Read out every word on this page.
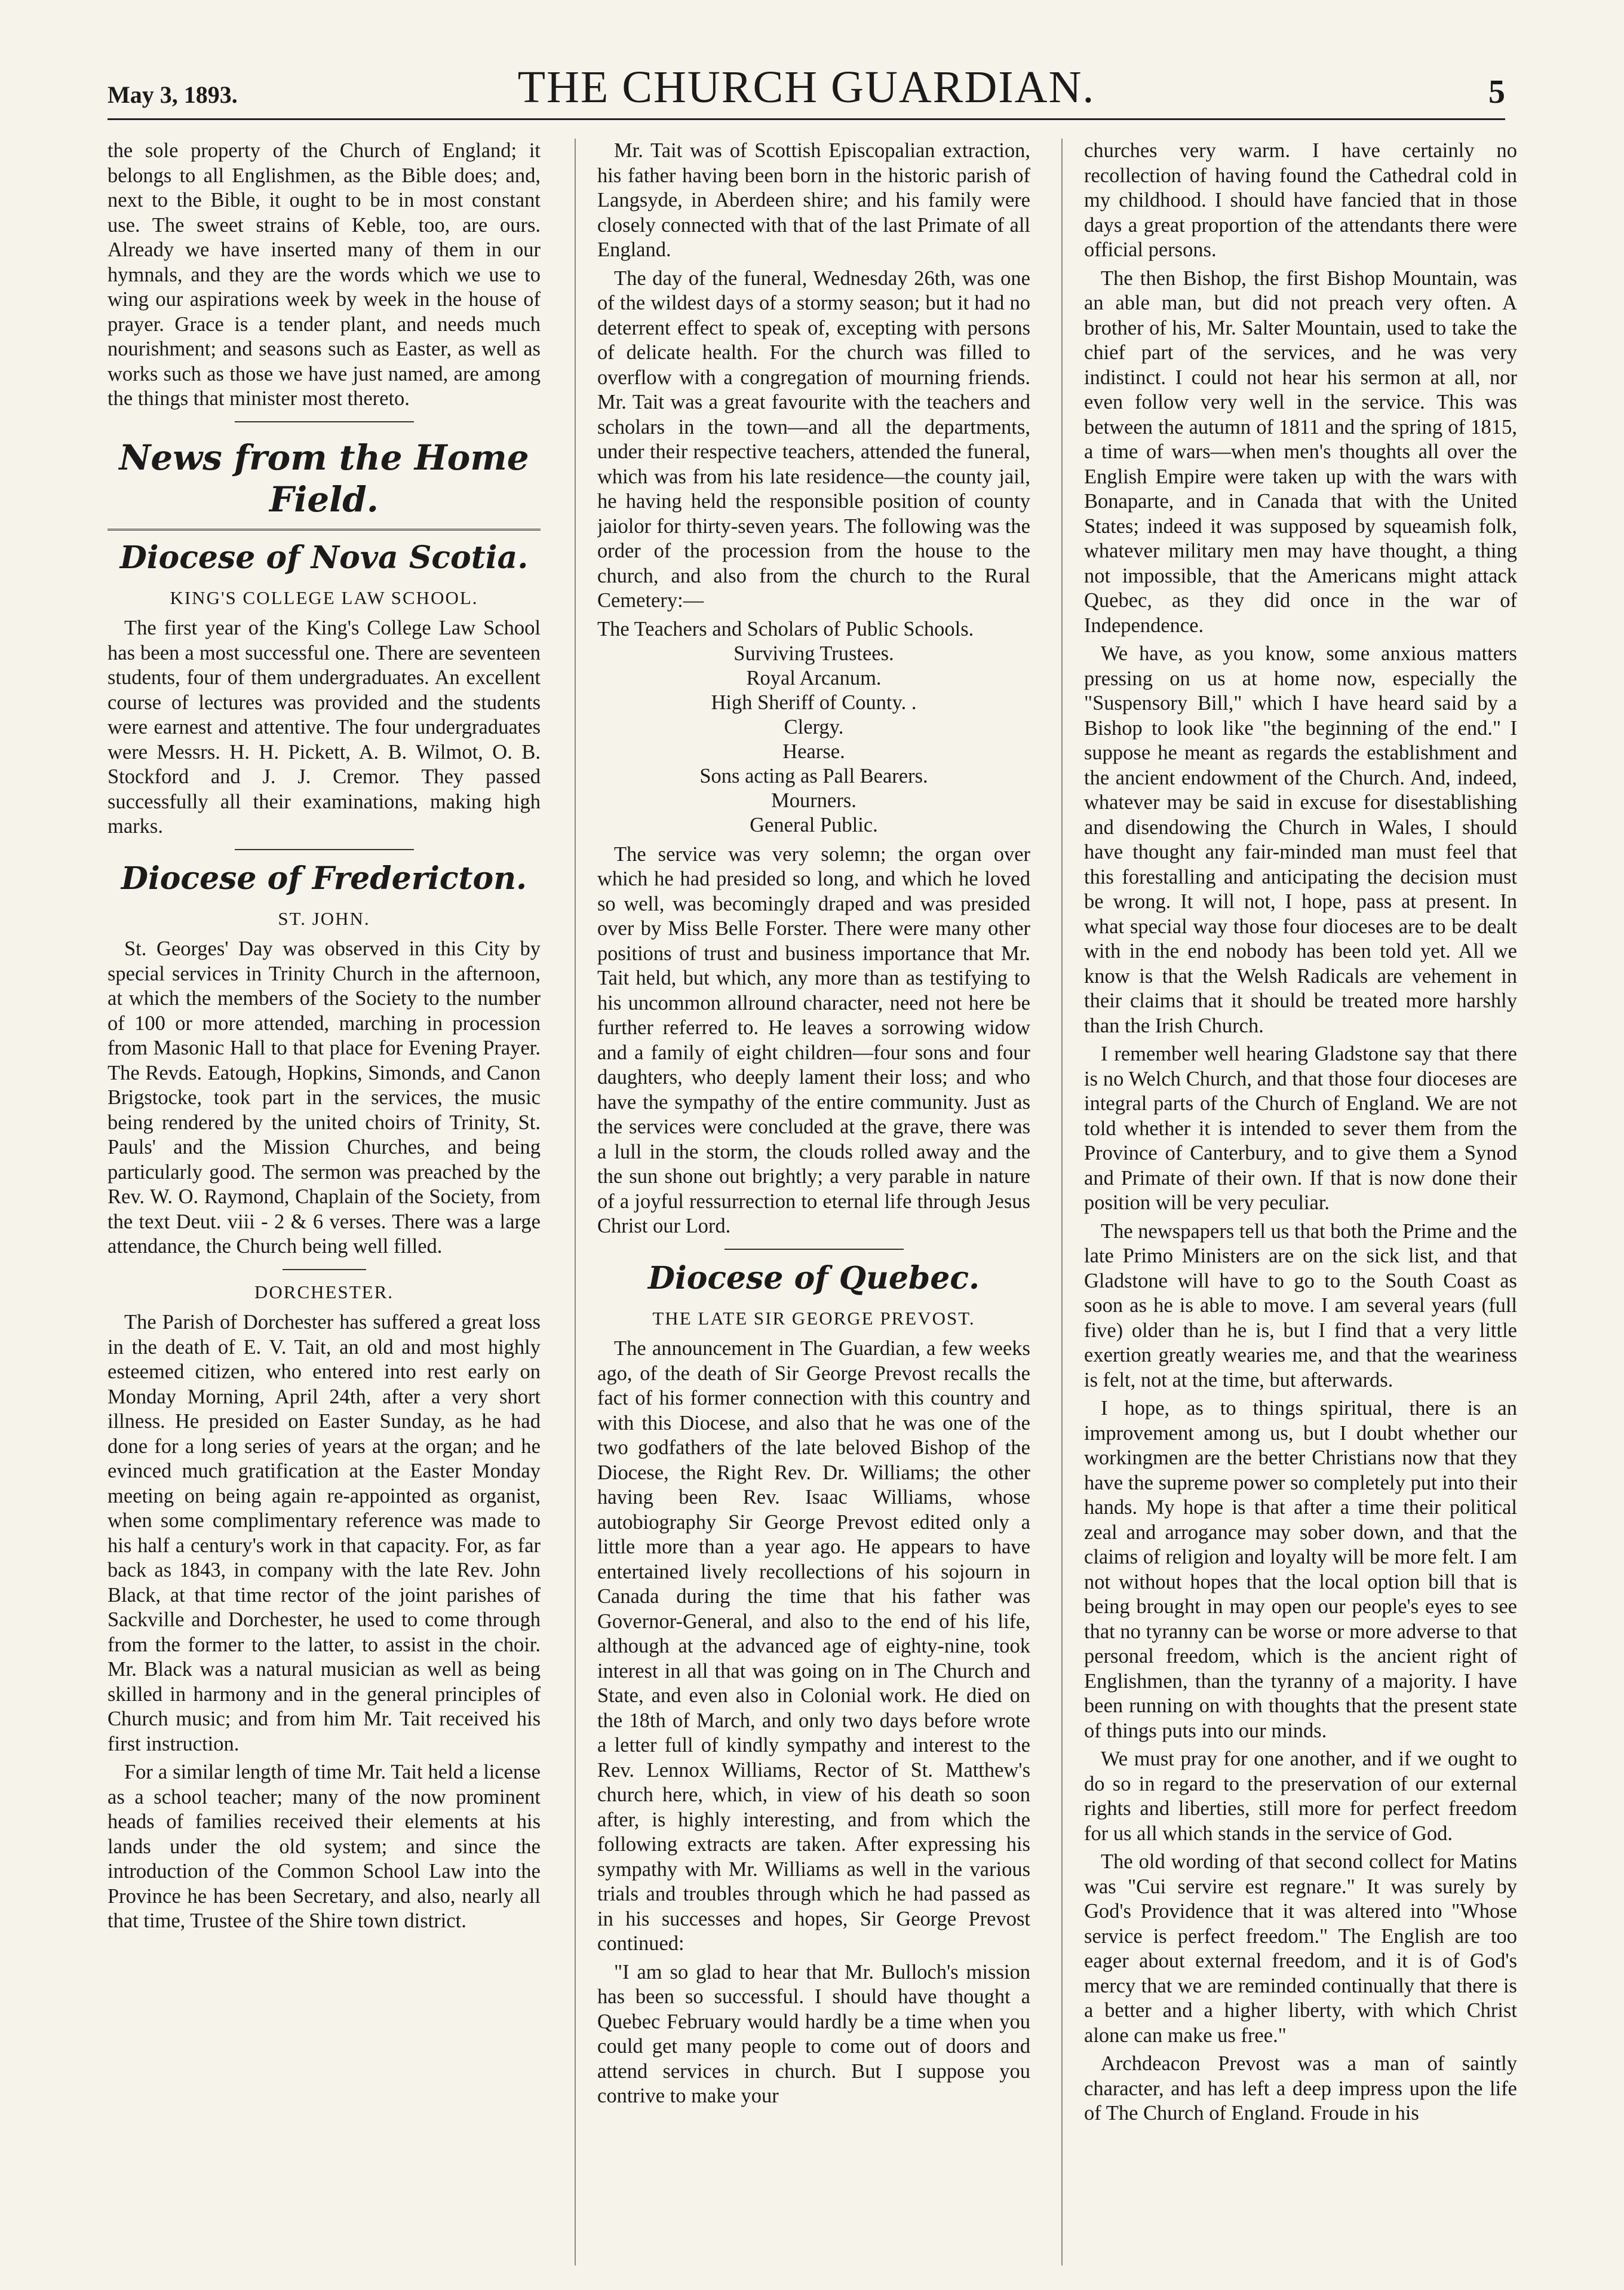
May 3, 1893.	THE CHURCH GUARDIAN.	5

the sole property of the Church of England; it belongs to all Englishmen, as the Bible does; and, next to the Bible, it ought to be in most constant use. The sweet strains of Keble, too, are ours. Already we have inserted many of them in our hymnals, and they are the words which we use to wing our aspirations week by week in the house of prayer. Grace is a tender plant, and needs much nourishment; and seasons such as Easter, as well as works such as those we have just named, are among the things that minister most thereto.

News from the Home Field.
Diocese of Nova Scotia.
KING'S COLLEGE LAW SCHOOL.

The first year of the King's College Law School has been a most successful one. There are seventeen students, four of them undergraduates. An excellent course of lectures was provided and the students were earnest and attentive. The four undergraduates were Messrs. H. H. Pickett, A. B. Wilmot, O. B. Stockford and J. J. Cremor. They passed successfully all their examinations, making high marks.

Diocese of Fredericton.
ST. JOHN.

St. Georges' Day was observed in this City by special services in Trinity Church in the afternoon, at which the members of the Society to the number of 100 or more attended, marching in procession from Masonic Hall to that place for Evening Prayer. The Revds. Eatough, Hopkins, Simonds, and Canon Brigstocke, took part in the services, the music being rendered by the united choirs of Trinity, St. Pauls' and the Mission Churches, and being particularly good. The sermon was preached by the Rev. W. O. Raymond, Chaplain of the Society, from the text Deut. viii - 2 & 6 verses. There was a large attendance, the Church being well filled.

DORCHESTER.

The Parish of Dorchester has suffered a great loss in the death of E. V. Tait, an old and most highly esteemed citizen, who entered into rest early on Monday Morning, April 24th, after a very short illness. He presided on Easter Sunday, as he had done for a long series of years at the organ; and he evinced much gratification at the Easter Monday meeting on being again re-appointed as organist, when some complimentary reference was made to his half a century's work in that capacity. For, as far back as 1843, in company with the late Rev. John Black, at that time rector of the joint parishes of Sackville and Dorchester, he used to come through from the former to the latter, to assist in the choir. Mr. Black was a natural musician as well as being skilled in harmony and in the general principles of Church music; and from him Mr. Tait received his first instruction.

For a similar length of time Mr. Tait held a license as a school teacher; many of the now prominent heads of families received their elements at his lands under the old system; and since the introduction of the Common School Law into the Province he has been Secretary, and also, nearly all that time, Trustee of the Shire town district.

Mr. Tait was of Scottish Episcopalian extraction, his father having been born in the historic parish of Langsyde, in Aberdeen shire; and his family were closely connected with that of the last Primate of all England.

The day of the funeral, Wednesday 26th, was one of the wildest days of a stormy season; but it had no deterrent effect to speak of, excepting with persons of delicate health. For the church was filled to overflow with a congregation of mourning friends. Mr. Tait was a great favourite with the teachers and scholars in the town—and all the departments, under their respective teachers, attended the funeral, which was from his late residence—the county jail, he having held the responsible position of county jaiolor for thirty-seven years. The following was the order of the procession from the house to the church, and also from the church to the Rural Cemetery:—

The Teachers and Scholars of Public Schools.
Surviving Trustees.
Royal Arcanum.
High Sheriff of County. .
Clergy.
Hearse.
Sons acting as Pall Bearers.
Mourners.
General Public.

The service was very solemn; the organ over which he had presided so long, and which he loved so well, was becomingly draped and was presided over by Miss Belle Forster. There were many other positions of trust and business importance that Mr. Tait held, but which, any more than as testifying to his uncommon allround character, need not here be further referred to. He leaves a sorrowing widow and a family of eight children—four sons and four daughters, who deeply lament their loss; and who have the sympathy of the entire community. Just as the services were concluded at the grave, there was a lull in the storm, the clouds rolled away and the the sun shone out brightly; a very parable in nature of a joyful ressurrection to eternal life through Jesus Christ our Lord.

Diocese of Quebec.
THE LATE SIR GEORGE PREVOST.

The announcement in The Guardian, a few weeks ago, of the death of Sir George Prevost recalls the fact of his former connection with this country and with this Diocese, and also that he was one of the two godfathers of the late beloved Bishop of the Diocese, the Right Rev. Dr. Williams; the other having been Rev. Isaac Williams, whose autobiography Sir George Prevost edited only a little more than a year ago. He appears to have entertained lively recollections of his sojourn in Canada during the time that his father was Governor-General, and also to the end of his life, although at the advanced age of eighty-nine, took interest in all that was going on in The Church and State, and even also in Colonial work. He died on the 18th of March, and only two days before wrote a letter full of kindly sympathy and interest to the Rev. Lennox Williams, Rector of St. Matthew's church here, which, in view of his death so soon after, is highly interesting, and from which the following extracts are taken. After expressing his sympathy with Mr. Williams as well in the various trials and troubles through which he had passed as in his successes and hopes, Sir George Prevost continued:

"I am so glad to hear that Mr. Bulloch's mission has been so successful. I should have thought a Quebec February would hardly be a time when you could get many people to come out of doors and attend services in church. But I suppose you contrive to make your

churches very warm. I have certainly no recollection of having found the Cathedral cold in my childhood. I should have fancied that in those days a great proportion of the attendants there were official persons.

The then Bishop, the first Bishop Mountain, was an able man, but did not preach very often. A brother of his, Mr. Salter Mountain, used to take the chief part of the services, and he was very indistinct. I could not hear his sermon at all, nor even follow very well in the service. This was between the autumn of 1811 and the spring of 1815, a time of wars—when men's thoughts all over the English Empire were taken up with the wars with Bonaparte, and in Canada that with the United States; indeed it was supposed by squeamish folk, whatever military men may have thought, a thing not impossible, that the Americans might attack Quebec, as they did once in the war of Independence.

We have, as you know, some anxious matters pressing on us at home now, especially the "Suspensory Bill," which I have heard said by a Bishop to look like "the beginning of the end." I suppose he meant as regards the establishment and the ancient endowment of the Church. And, indeed, whatever may be said in excuse for disestablishing and disendowing the Church in Wales, I should have thought any fair-minded man must feel that this forestalling and anticipating the decision must be wrong. It will not, I hope, pass at present. In what special way those four dioceses are to be dealt with in the end nobody has been told yet. All we know is that the Welsh Radicals are vehement in their claims that it should be treated more harshly than the Irish Church.

I remember well hearing Gladstone say that there is no Welch Church, and that those four dioceses are integral parts of the Church of England. We are not told whether it is intended to sever them from the Province of Canterbury, and to give them a Synod and Primate of their own. If that is now done their position will be very peculiar.

The newspapers tell us that both the Prime and the late Primo Ministers are on the sick list, and that Gladstone will have to go to the South Coast as soon as he is able to move. I am several years (full five) older than he is, but I find that a very little exertion greatly wearies me, and that the weariness is felt, not at the time, but afterwards.

I hope, as to things spiritual, there is an improvement among us, but I doubt whether our workingmen are the better Christians now that they have the supreme power so completely put into their hands. My hope is that after a time their political zeal and arrogance may sober down, and that the claims of religion and loyalty will be more felt. I am not without hopes that the local option bill that is being brought in may open our people's eyes to see that no tyranny can be worse or more adverse to that personal freedom, which is the ancient right of Englishmen, than the tyranny of a majority. I have been running on with thoughts that the present state of things puts into our minds.

We must pray for one another, and if we ought to do so in regard to the preservation of our external rights and liberties, still more for perfect freedom for us all which stands in the service of God.

The old wording of that second collect for Matins was "Cui servire est regnare." It was surely by God's Providence that it was altered into "Whose service is perfect freedom." The English are too eager about external freedom, and it is of God's mercy that we are reminded continually that there is a better and a higher liberty, with which Christ alone can make us free."

Archdeacon Prevost was a man of saintly character, and has left a deep impress upon the life of The Church of England. Froude in his
